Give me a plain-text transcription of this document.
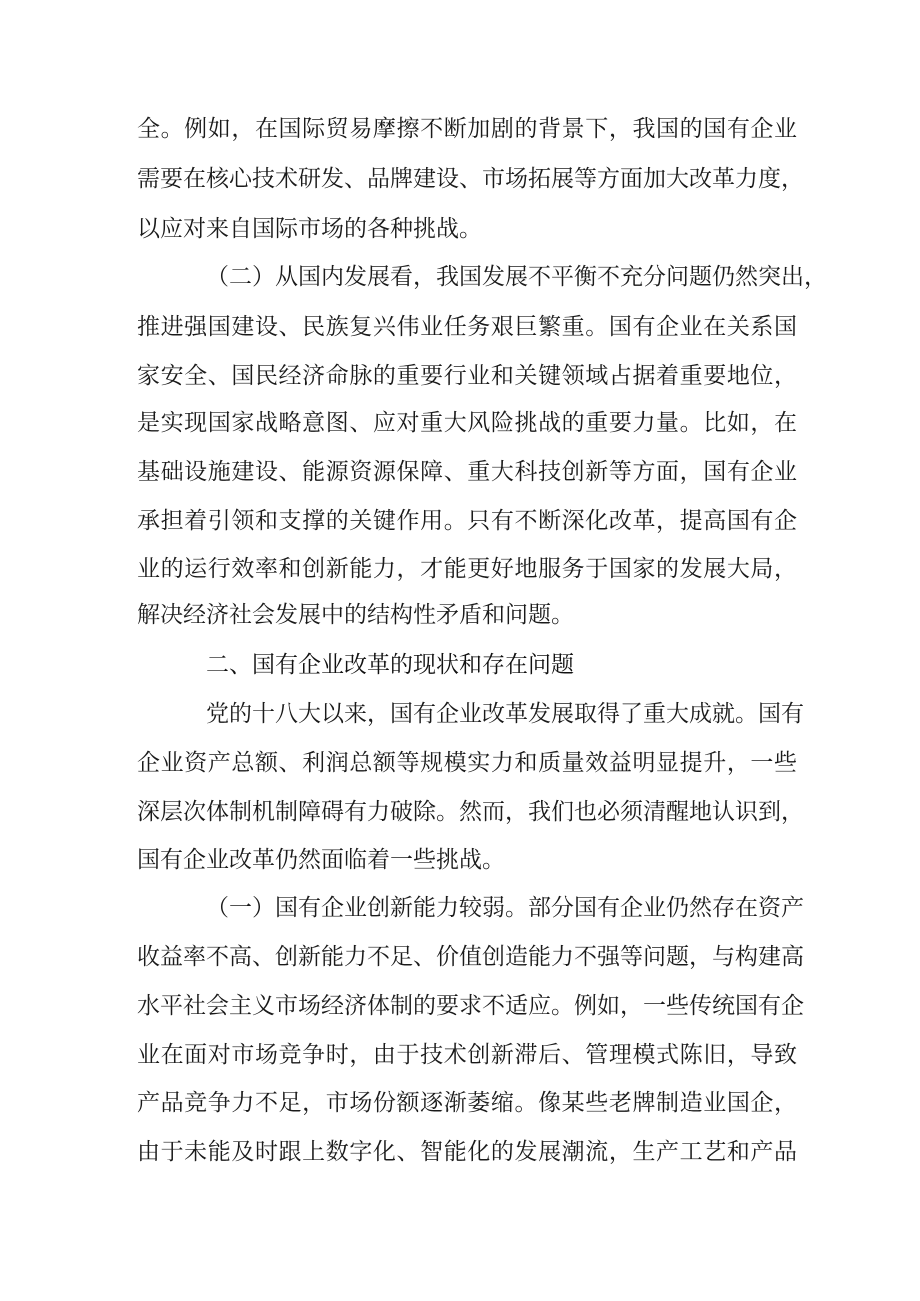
全。例如，在国际贸易摩擦不断加剧的背景下，我国的国有企业
需要在核心技术研发、品牌建设、市场拓展等方面加大改革力度，
以应对来自国际市场的各种挑战。
（二）从国内发展看，我国发展不平衡不充分问题仍然突出，
推进强国建设、民族复兴伟业任务艰巨繁重。国有企业在关系国
家安全、国民经济命脉的重要行业和关键领域占据着重要地位，
是实现国家战略意图、应对重大风险挑战的重要力量。比如，在
基础设施建设、能源资源保障、重大科技创新等方面，国有企业
承担着引领和支撑的关键作用。只有不断深化改革，提高国有企
业的运行效率和创新能力，才能更好地服务于国家的发展大局，
解决经济社会发展中的结构性矛盾和问题。
二、国有企业改革的现状和存在问题
党的十八大以来，国有企业改革发展取得了重大成就。国有
企业资产总额、利润总额等规模实力和质量效益明显提升，一些
深层次体制机制障碍有力破除。然而，我们也必须清醒地认识到，
国有企业改革仍然面临着一些挑战。
（一）国有企业创新能力较弱。部分国有企业仍然存在资产
收益率不高、创新能力不足、价值创造能力不强等问题，与构建高
水平社会主义市场经济体制的要求不适应。例如，一些传统国有企
业在面对市场竞争时，由于技术创新滞后、管理模式陈旧，导致
产品竞争力不足，市场份额逐渐萎缩。像某些老牌制造业国企，
由于未能及时跟上数字化、智能化的发展潮流，生产工艺和产品
